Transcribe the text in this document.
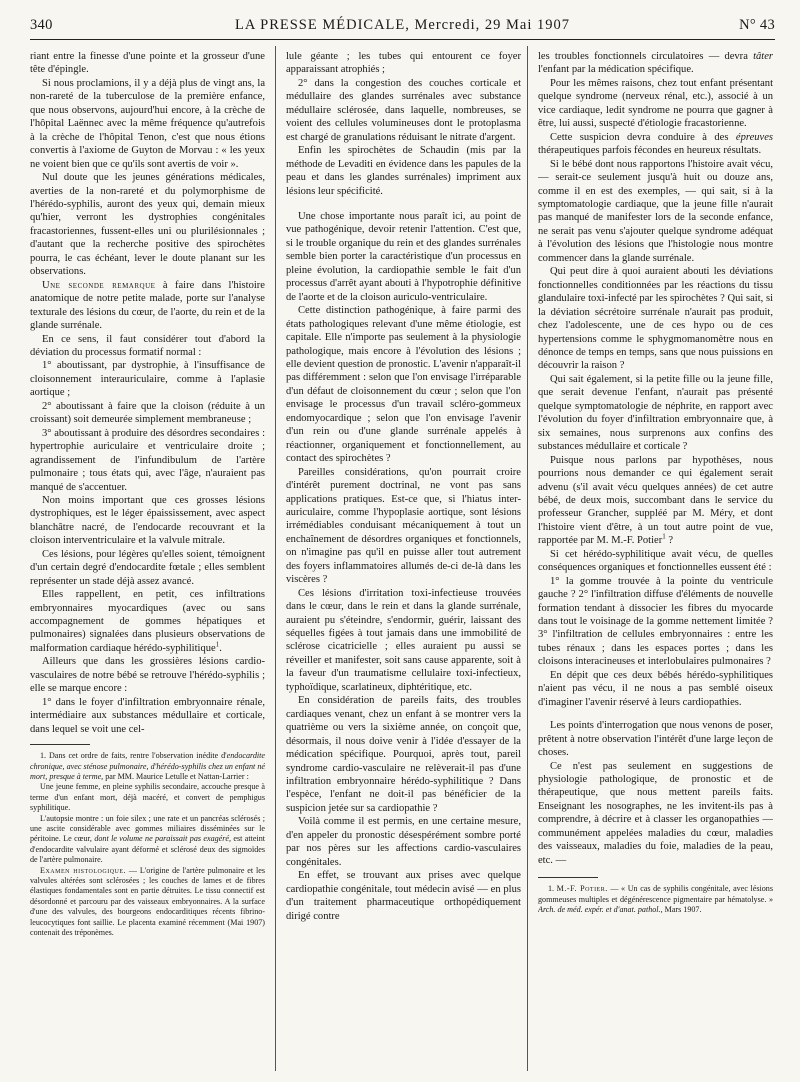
340	LA PRESSE MÉDICALE, Mercredi, 29 Mai 1907	N° 43

riant entre la finesse d'une pointe et la grosseur d'une tête d'épingle.

Si nous proclamions, il y a déjà plus de vingt ans, la non-rareté de la tuberculose de la première enfance, que nous observons, aujourd'hui encore, à la crèche de l'hôpital Laënnec avec la même fréquence qu'autrefois à la crèche de l'hôpital Tenon, c'est que nous étions convertis à l'axiome de Guyton de Morvau : « les yeux ne voient bien que ce qu'ils sont avertis de voir ».

Nul doute que les jeunes générations médicales, averties de la non-rareté et du polymorphisme de l'hérédo-syphilis, auront des yeux qui, demain mieux qu'hier, verront les dystrophies congénitales fracastoriennes, fussent-elles uni ou plurilésionnales ; d'autant que la recherche positive des spirochètes pourra, le cas échéant, lever le doute planant sur les observations.

Une seconde remarque à faire dans l'histoire anatomique de notre petite malade, porte sur l'analyse texturale des lésions du cœur, de l'aorte, du rein et de la glande surrénale.

En ce sens, il faut considérer tout d'abord la déviation du processus formatif normal :

1° aboutissant, par dystrophie, à l'insuffisance de cloisonnement interauriculaire, comme à l'aplasie aortique ;

2° aboutissant à faire que la cloison (réduite à un croissant) soit demeurée simplement membraneuse ;

3° aboutissant à produire des désordres secondaires : hypertrophie auriculaire et ventriculaire droite ; agrandissement de l'infundibulum de l'artère pulmonaire ; tous états qui, avec l'âge, n'auraient pas manqué de s'accentuer.

Non moins important que ces grosses lésions dystrophiques, est le léger épaississement, avec aspect blanchâtre nacré, de l'endocarde recouvrant et la cloison interventriculaire et la valvule mitrale.

Ces lésions, pour légères qu'elles soient, témoignent d'un certain degré d'endocardite fœtale ; elles semblent représenter un stade déjà assez avancé.

Elles rappellent, en petit, ces infiltrations embryonnaires myocardiques (avec ou sans accompagnement de gommes hépatiques et pulmonaires) signalées dans plusieurs observations de malformation cardiaque hérédo-syphilitique$^1$.

Ailleurs que dans les grossières lésions cardio-vasculaires de notre bébé se retrouve l'hérédo-syphilis ; elle se marque encore :

1° dans le foyer d'infiltration embryonnaire rénale, intermédiaire aux substances médullaire et corticale, dans lequel se voit une cel-

1. Dans cet ordre de faits, rentre l'observation inédite d'endocardite chronique, avec sténose pulmonaire, d'hérédo-syphilis chez un enfant né mort, presque à terme, par MM. Maurice Letulle et Nattan-Larrier :

Une jeune femme, en pleine syphilis secondaire, accouche presque à terme d'un enfant mort, déjà macéré, et convert de pemphigus syphilitique.

L'autopsie montre : un foie silex ; une rate et un pancréas sclérosés ; une ascite considérable avec gommes miliaires disséminées sur le péritoine. Le cœur, dont le volume ne paraissait pas exagéré, est atteint d'endocardite valvulaire ayant déformé et sclérosé deux des sigmoïdes de l'artère pulmonaire.

Examen histologique. — L'origine de l'artère pulmonaire et les valvules altérées sont sclérosées ; les couches de lames et de fibres élastiques fondamentales sont en partie détruites. Le tissu connectif est désordonné et parcouru par des vaisseaux embryonnaires. A la surface d'une des valvules, des bourgeons endocarditiques récents fibrino-leucocytiques font saillie. Le placenta examiné récemment (Mai 1907) contenait des tréponèmes.

lule géante ; les tubes qui entourent ce foyer apparaissant atrophiés ;

2° dans la congestion des couches corticale et médullaire des glandes surrénales avec substance médullaire sclérosée, dans laquelle, nombreuses, se voient des cellules volumineuses dont le protoplasma est chargé de granulations réduisant le nitrate d'argent.

Enfin les spirochètes de Schaudin (mis par la méthode de Levaditi en évidence dans les papules de la peau et dans les glandes surrénales) impriment aux lésions leur spécificité.

Une chose importante nous paraît ici, au point de vue pathogénique, devoir retenir l'attention. C'est que, si le trouble organique du rein et des glandes surrénales semble bien porter la caractéristique d'un processus en pleine évolution, la cardiopathie semble le fait d'un processus d'arrêt ayant abouti à l'hypotrophie définitive de l'aorte et de la cloison auriculo-ventriculaire.

Cette distinction pathogénique, à faire parmi des états pathologiques relevant d'une même étiologie, est capitale. Elle n'importe pas seulement à la physiologie pathologique, mais encore à l'évolution des lésions ; elle devient question de pronostic. L'avenir n'apparaît-il pas différemment : selon que l'on envisage l'irréparable d'un défaut de cloisonnement du cœur ; selon que l'on envisage le processus d'un travail scléro-gommeux endomyocardique ; selon que l'on envisage l'avenir d'un rein ou d'une glande surrénale appelés à réactionner, organiquement et fonctionnellement, au contact des spirochètes ?

Pareilles considérations, qu'on pourrait croire d'intérêt purement doctrinal, ne vont pas sans applications pratiques. Est-ce que, si l'hiatus inter-auriculaire, comme l'hypoplasie aortique, sont lésions irrémédiables conduisant mécaniquement à tout un enchaînement de désordres organiques et fonctionnels, on n'imagine pas qu'il en puisse aller tout autrement des foyers inflammatoires allumés de-ci de-là dans les viscères ?

Ces lésions d'irritation toxi-infectieuse trouvées dans le cœur, dans le rein et dans la glande surrénale, auraient pu s'éteindre, s'endormir, guérir, laissant des séquelles figées à tout jamais dans une immobilité de sclérose cicatricielle ; elles auraient pu aussi se réveiller et manifester, soit sans cause apparente, soit à la faveur d'un traumatisme cellulaire toxi-infectieux, typhoïdique, scarlatineux, diphtéritique, etc.

En considération de pareils faits, des troubles cardiaques venant, chez un enfant à se montrer vers la quatrième ou vers la sixième année, on conçoit que, désormais, il nous doive venir à l'idée d'essayer de la médication spécifique. Pourquoi, après tout, pareil syndrome cardio-vasculaire ne relèverait-il pas d'une infiltration embryonnaire hérédo-syphilitique ? Dans l'espèce, l'enfant ne doit-il pas bénéficier de la suspicion jetée sur sa cardiopathie ?

Voilà comme il est permis, en une certaine mesure, d'en appeler du pronostic désespérément sombre porté par nos pères sur les affections cardio-vasculaires congénitales.

En effet, se trouvant aux prises avec quelque cardiopathie congénitale, tout médecin avisé — en plus d'un traitement pharmaceutique orthopédiquement dirigé contre

les troubles fonctionnels circulatoires — devra tâter l'enfant par la médication spécifique.

Pour les mêmes raisons, chez tout enfant présentant quelque syndrome (nerveux rénal, etc.), associé à un vice cardiaque, ledit syndrome ne pourra que gagner à être, lui aussi, suspecté d'étiologie fracastorienne.

Cette suspicion devra conduire à des épreuves thérapeutiques parfois fécondes en heureux résultats.

Si le bébé dont nous rapportons l'histoire avait vécu, — serait-ce seulement jusqu'à huit ou douze ans, comme il en est des exemples, — qui sait, si à la symptomatologie cardiaque, que la jeune fille n'aurait pas manqué de manifester lors de la seconde enfance, ne serait pas venu s'ajouter quelque syndrome adéquat à l'évolution des lésions que l'histologie nous montre commencer dans la glande surrénale.

Qui peut dire à quoi auraient abouti les déviations fonctionnelles conditionnées par les réactions du tissu glandulaire toxi-infecté par les spirochètes ? Qui sait, si la déviation sécrétoire surrénale n'aurait pas produit, chez l'adolescente, une de ces hypo ou de ces hypertensions comme le sphygmomanomètre nous en dénonce de temps en temps, sans que nous puissions en découvrir la raison ?

Qui sait également, si la petite fille ou la jeune fille, que serait devenue l'enfant, n'aurait pas présenté quelque symptomatologie de néphrite, en rapport avec l'évolution du foyer d'infiltration embryonnaire que, à six semaines, nous surprenons aux confins des substances médullaire et corticale ?

Puisque nous parlons par hypothèses, nous pourrions nous demander ce qui également serait advenu (s'il avait vécu quelques années) de cet autre bébé, de deux mois, succombant dans le service du professeur Grancher, suppléé par M. Méry, et dont l'histoire vient d'être, à un tout autre point de vue, rapportée par M. M.-F. Potier$^1$ ?

Si cet hérédo-syphilitique avait vécu, de quelles conséquences organiques et fonctionnelles eussent été :

1° la gomme trouvée à la pointe du ventricule gauche ? 2° l'infiltration diffuse d'éléments de nouvelle formation tendant à dissocier les fibres du myocarde dans tout le voisinage de la gomme nettement limitée ? 3° l'infiltration de cellules embryonnaires : entre les tubes rénaux ; dans les espaces portes ; dans les cloisons interacineuses et interlobulaires pulmonaires ?

En dépit que ces deux bébés hérédo-syphilitiques n'aient pas vécu, il ne nous a pas semblé oiseux d'imaginer l'avenir réservé à leurs cardiopathies.

Les points d'interrogation que nous venons de poser, prêtent à notre observation l'intérêt d'une large leçon de choses.

Ce n'est pas seulement en suggestions de physiologie pathologique, de pronostic et de thérapeutique, que nous mettent pareils faits. Enseignant les nosographes, ne les invitent-ils pas à comprendre, à décrire et à classer les organopathies — communément appelées maladies du cœur, maladies des vaisseaux, maladies du foie, maladies de la peau, etc. —

1. M.-F. Potier. — « Un cas de syphilis congénitale, avec lésions gommeuses multiples et dégénérescence pigmentaire par hématolyse. » Arch. de méd. expér. et d'anat. pathol., Mars 1907.
